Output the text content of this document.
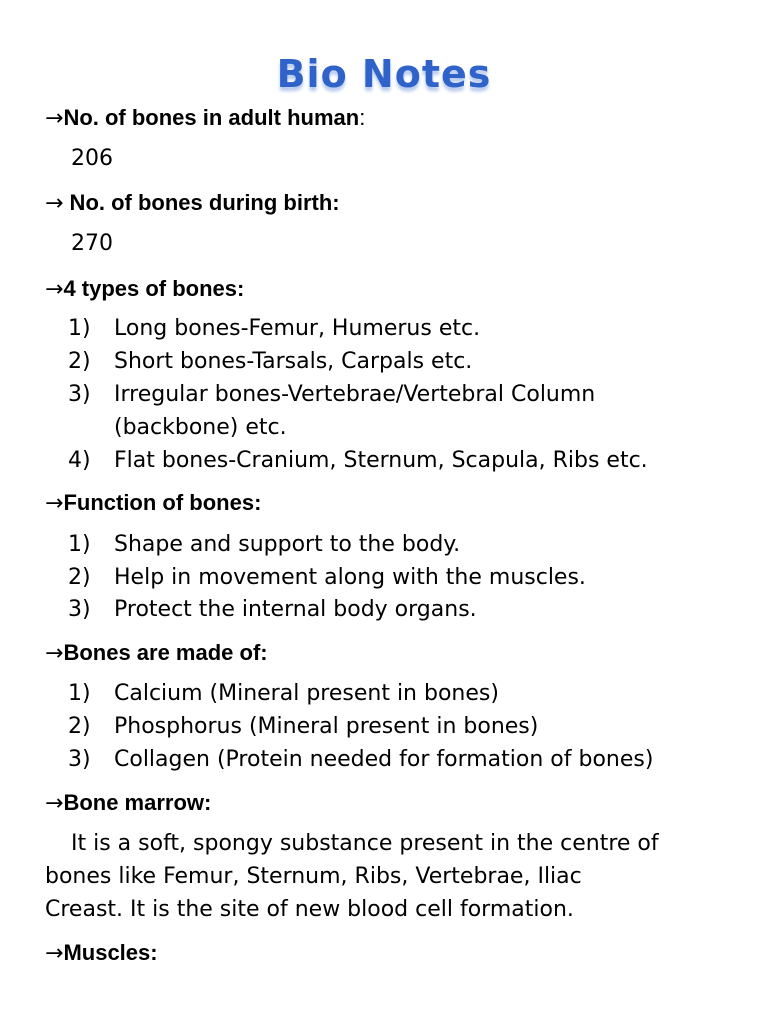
Bio Notes
→No. of bones in adult human:
206
→ No. of bones during birth:
270
→4 types of bones:
1) Long bones-Femur, Humerus etc.
2) Short bones-Tarsals, Carpals etc.
3) Irregular bones-Vertebrae/Vertebral Column
(backbone) etc.
4) Flat bones-Cranium, Sternum, Scapula, Ribs etc.
→Function of bones:
1) Shape and support to the body.
2) Help in movement along with the muscles.
3) Protect the internal body organs.
→Bones are made of:
1) Calcium (Mineral present in bones)
2) Phosphorus (Mineral present in bones)
3) Collagen (Protein needed for formation of bones)
→Bone marrow:
It is a soft, spongy substance present in the centre of
bones like Femur, Sternum, Ribs, Vertebrae, Iliac
Creast. It is the site of new blood cell formation.
→Muscles:
